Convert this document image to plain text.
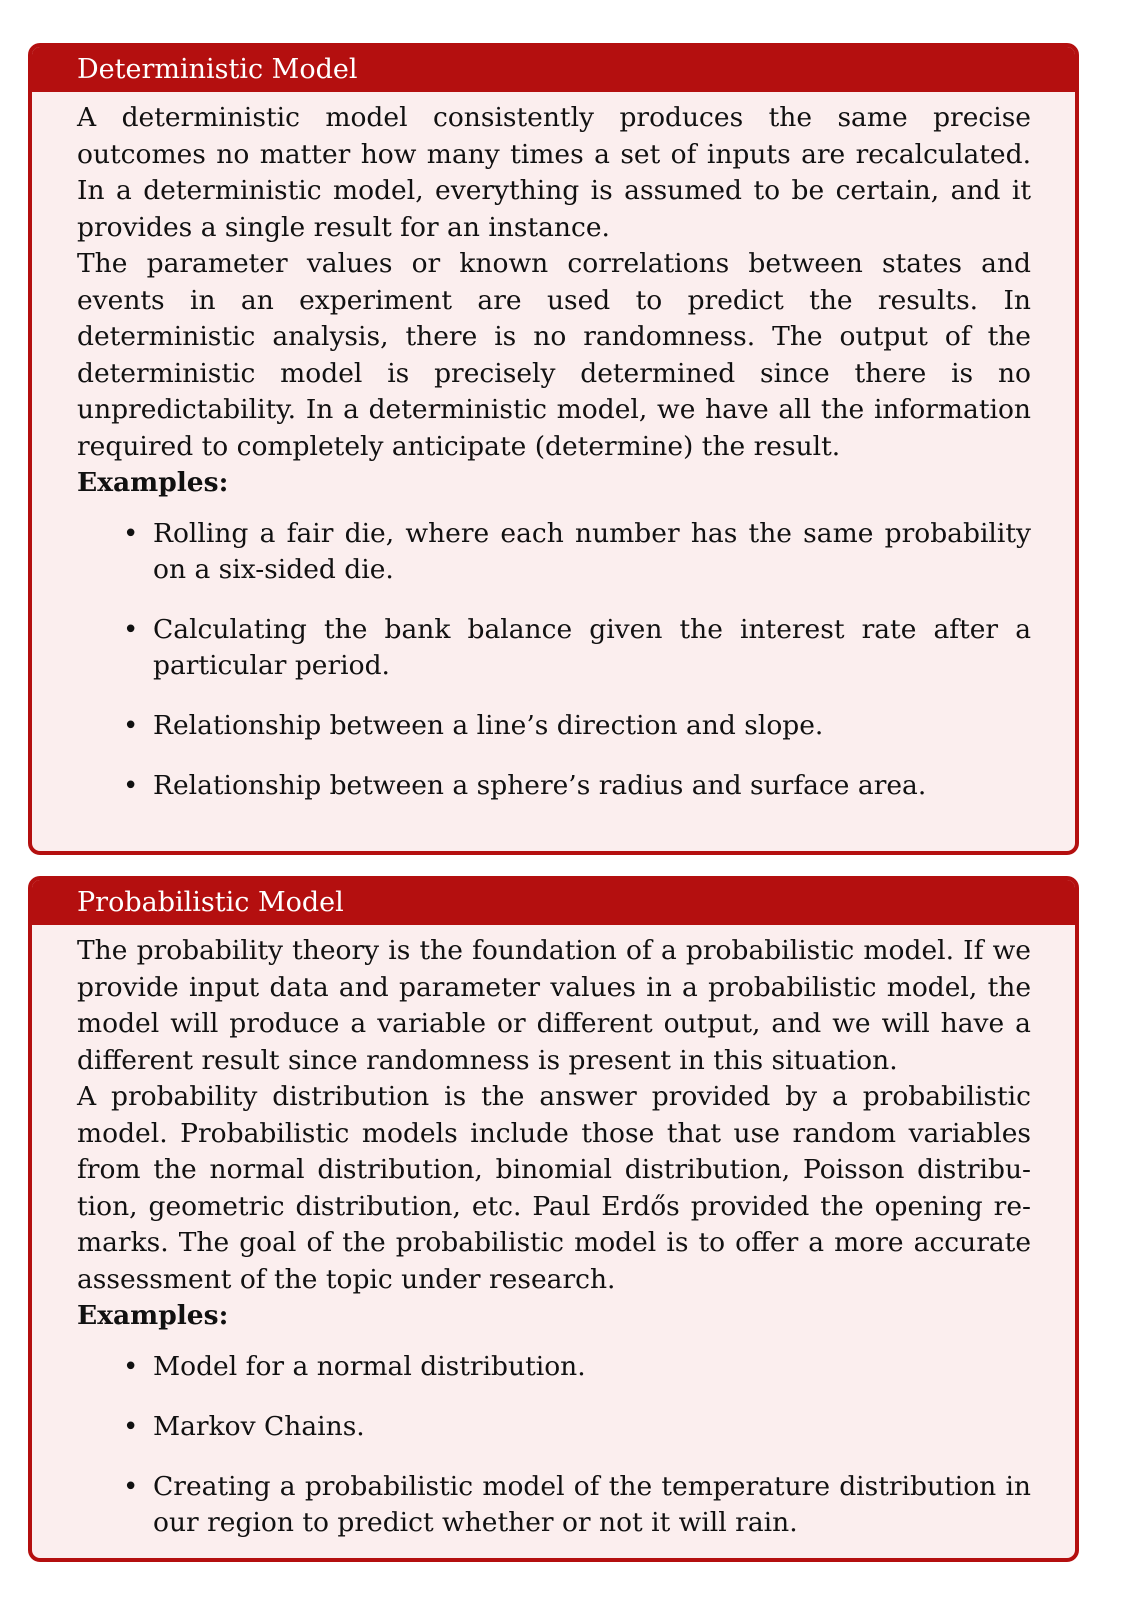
Deterministic Model

A deterministic model consistently produces the same precise outcomes no matter how many times a set of inputs are recalculated. In a deterministic model, everything is assumed to be certain, and it provides a single result for an instance.

The parameter values or known correlations between states and events in an experiment are used to predict the results. In deterministic analysis, there is no randomness. The output of the deterministic model is precisely determined since there is no unpredictability. In a deterministic model, we have all the information required to completely anticipate (determine) the result.

Examples:

• Rolling a fair die, where each number has the same probability on a six-sided die.
• Calculating the bank balance given the interest rate after a particular period.
• Relationship between a line’s direction and slope.
• Relationship between a sphere’s radius and surface area.
Probabilistic Model

The probability theory is the foundation of a probabilistic model. If we provide input data and parameter values in a probabilistic model, the model will produce a variable or different output, and we will have a different result since randomness is present in this situation.

A probability distribution is the answer provided by a probabilistic model. Probabilistic models include those that use random variables from the normal distribution, binomial distribution, Poisson distribution, geometric distribution, etc. Paul Erdős provided the opening remarks. The goal of the probabilistic model is to offer a more accurate assessment of the topic under research.

Examples:

• Model for a normal distribution.
• Markov Chains.
• Creating a probabilistic model of the temperature distribution in our region to predict whether or not it will rain.
